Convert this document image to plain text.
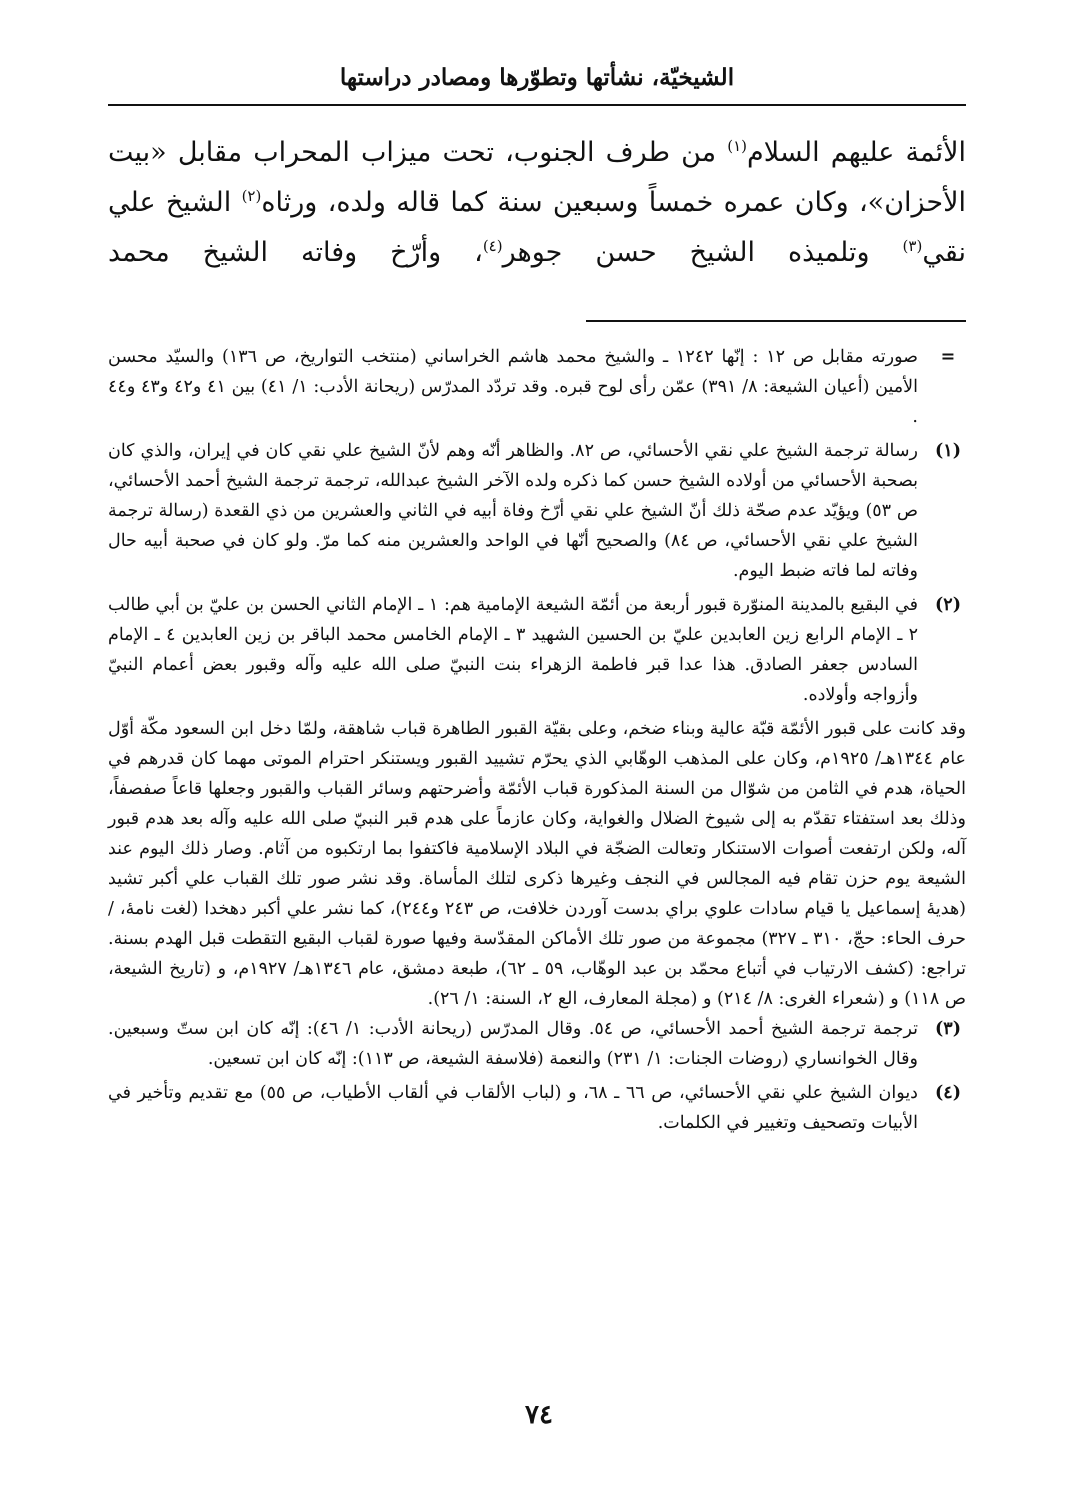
الشيخيّة، نشأتها وتطوّرها ومصادر دراستها

الأئمة عليهم السلام$^{(١)}$ من طرف الجنوب، تحت ميزاب المحراب مقابل «بيت الأحزان»، وكان عمره خمساً وسبعين سنة كما قاله ولده، ورثاه$^{(٢)}$ الشيخ علي نقي$^{(٣)}$ وتلميذه الشيخ حسن جوهر$^{(٤)}$، وأرّخ وفاته الشيخ محمد

=

صورته مقابل ص ١٢ : إنّها ١٢٤٢ ـ والشيخ محمد هاشم الخراساني (منتخب التواريخ، ص ١٣٦) والسيّد محسن الأمين (أعيان الشيعة: ٨/ ٣٩١) عمّن رأى لوح قبره. وقد تردّد المدرّس (ريحانة الأدب: ١/ ٤١) بين ٤١ و٤٢ و٤٣ و٤٤ .

(١)

رسالة ترجمة الشيخ علي نقي الأحسائي، ص ٨٢. والظاهر أنّه وهم لأنّ الشيخ علي نقي كان في إيران، والذي كان بصحبة الأحسائي من أولاده الشيخ حسن كما ذكره ولده الآخر الشيخ عبدالله، ترجمة ترجمة الشيخ أحمد الأحسائي، ص ٥٣) ويؤيّد عدم صحّة ذلك أنّ الشيخ علي نقي أرّخ وفاة أبيه في الثاني والعشرين من ذي القعدة (رسالة ترجمة الشيخ علي نقي الأحسائي، ص ٨٤) والصحيح أنّها في الواحد والعشرين منه كما مرّ. ولو كان في صحبة أبيه حال وفاته لما فاته ضبط اليوم.

(٢)

في البقيع بالمدينة المنوّرة قبور أربعة من أئمّة الشيعة الإمامية هم: ١ ـ الإمام الثاني الحسن بن عليّ بن أبي طالب ٢ ـ الإمام الرابع زين العابدين عليّ بن الحسين الشهيد ٣ ـ الإمام الخامس محمد الباقر بن زين العابدين ٤ ـ الإمام السادس جعفر الصادق. هذا عدا قبر فاطمة الزهراء بنت النبيّ صلى الله عليه وآله وقبور بعض أعمام النبيّ وأزواجه وأولاده.

وقد كانت على قبور الأئمّة قبّة عالية وبناء ضخم، وعلى بقيّة القبور الطاهرة قباب شاهقة، ولمّا دخل ابن السعود مكّة أوّل عام ١٣٤٤هـ/ ١٩٢٥م، وكان على المذهب الوهّابي الذي يحرّم تشييد القبور ويستنكر احترام الموتى مهما كان قدرهم في الحياة، هدم في الثامن من شوّال من السنة المذكورة قباب الأئمّة وأضرحتهم وسائر القباب والقبور وجعلها قاعاً صفصفاً، وذلك بعد استفتاء تقدّم به إلى شيوخ الضلال والغواية، وكان عازماً على هدم قبر النبيّ صلى الله عليه وآله بعد هدم قبور آله، ولكن ارتفعت أصوات الاستنكار وتعالت الضجّة في البلاد الإسلامية فاكتفوا بما ارتكبوه من آثام. وصار ذلك اليوم عند الشيعة يوم حزن تقام فيه المجالس في النجف وغيرها ذكرى لتلك المأساة. وقد نشر صور تلك القباب علي أكبر تشيد (هديهٔ إسماعيل يا قيام سادات علوي براي بدست آوردن خلافت، ص ٢٤٣ و٢٤٤)، كما نشر علي أكبر دهخدا (لغت نامهٔ، /حرف الحاء: حجّ، ٣١٠ ـ ٣٢٧) مجموعة من صور تلك الأماكن المقدّسة وفيها صورة لقباب البقيع التقطت قبل الهدم بسنة. تراجع: (كشف الارتياب في أتباع محمّد بن عبد الوهّاب، ٥٩ ـ ٦٢)، طبعة دمشق، عام ١٣٤٦هـ/ ١٩٢٧م، و (تاريخ الشيعة، ص ١١٨) و (شعراء الغرى: ٨/ ٢١٤) و (مجلة المعارف، الع ٢، السنة: ١/ ٢٦).

(٣)

ترجمة ترجمة الشيخ أحمد الأحسائي، ص ٥٤. وقال المدرّس (ريحانة الأدب: ١/ ٤٦): إنّه كان ابن ستّ وسبعين. وقال الخوانساري (روضات الجنات: ١/ ٢٣١) والنعمة (فلاسفة الشيعة، ص ١١٣): إنّه كان ابن تسعين.

(٤)

ديوان الشيخ علي نقي الأحسائي، ص ٦٦ ـ ٦٨، و (لباب الألقاب في ألقاب الأطياب، ص ٥٥) مع تقديم وتأخير في الأبيات وتصحيف وتغيير في الكلمات.

٧٤
